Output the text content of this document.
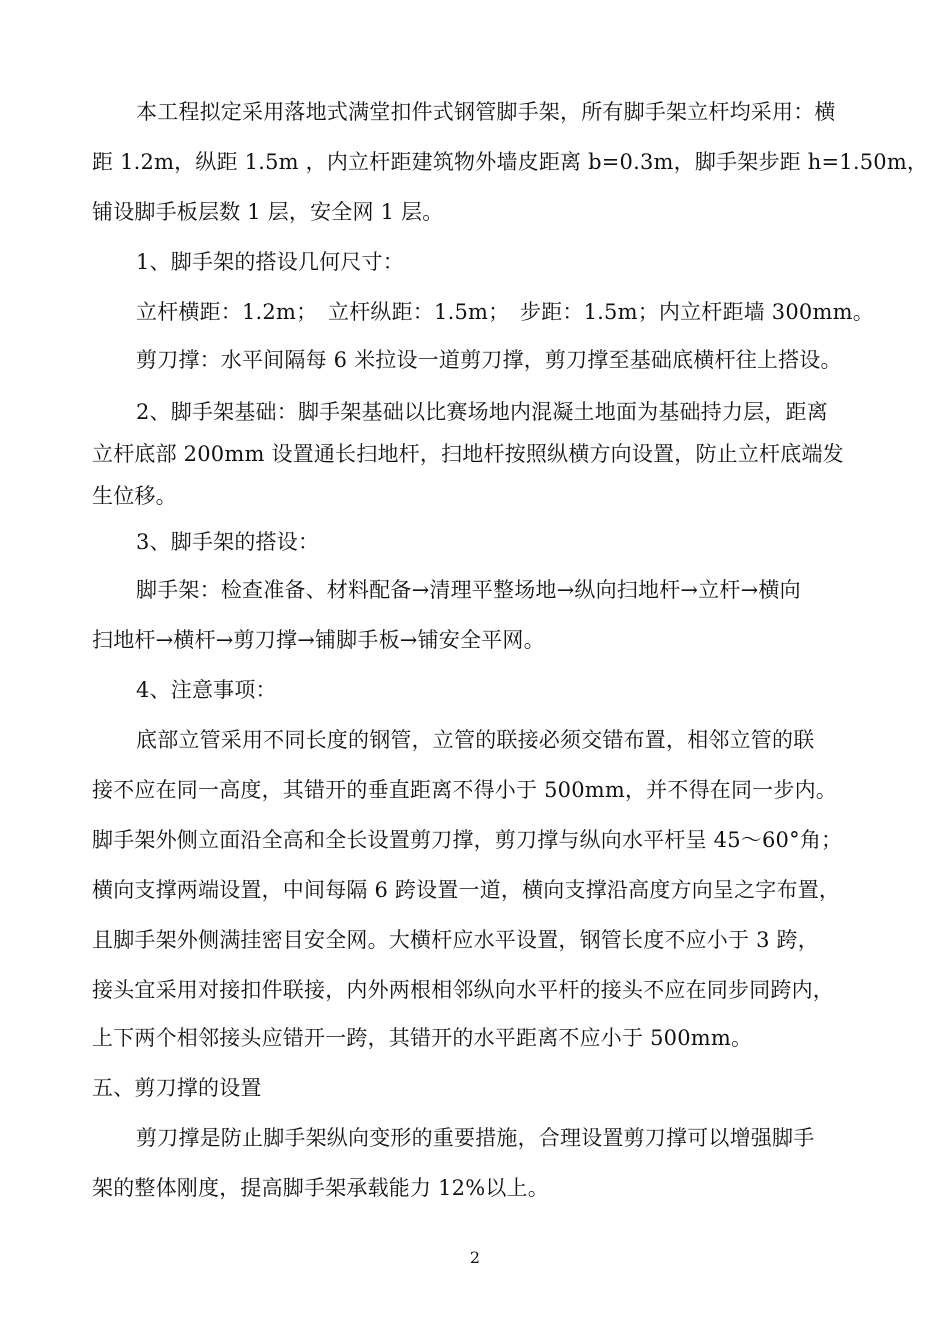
本工程拟定采用落地式满堂扣件式钢管脚手架，所有脚手架立杆均采用：横
距 1.2m，纵距 1.5m ，内立杆距建筑物外墙皮距离 b=0.3m，脚手架步距 h=1.50m，
铺设脚手板层数 1 层，安全网 1 层。
1、脚手架的搭设几何尺寸：
立杆横距：1.2m；　立杆纵距：1.5m；　步距：1.5m；内立杆距墙 300mm。
剪刀撑：水平间隔每 6 米拉设一道剪刀撑，剪刀撑至基础底横杆往上搭设。
2、脚手架基础：脚手架基础以比赛场地内混凝土地面为基础持力层，距离
立杆底部 200mm 设置通长扫地杆，扫地杆按照纵横方向设置，防止立杆底端发
生位移。
3、脚手架的搭设：
脚手架：检查准备、材料配备→清理平整场地→纵向扫地杆→立杆→横向
扫地杆→横杆→剪刀撑→铺脚手板→铺安全平网。
4、注意事项：
底部立管采用不同长度的钢管，立管的联接必须交错布置，相邻立管的联
接不应在同一高度，其错开的垂直距离不得小于 500mm，并不得在同一步内。
脚手架外侧立面沿全高和全长设置剪刀撑，剪刀撑与纵向水平杆呈 45～60°角；
横向支撑两端设置，中间每隔 6 跨设置一道，横向支撑沿高度方向呈之字布置，
且脚手架外侧满挂密目安全网。大横杆应水平设置，钢管长度不应小于 3 跨，
接头宜采用对接扣件联接，内外两根相邻纵向水平杆的接头不应在同步同跨内，
上下两个相邻接头应错开一跨，其错开的水平距离不应小于 500mm。
五、剪刀撑的设置
剪刀撑是防止脚手架纵向变形的重要措施，合理设置剪刀撑可以增强脚手
架的整体刚度，提高脚手架承载能力 12%以上。
2
